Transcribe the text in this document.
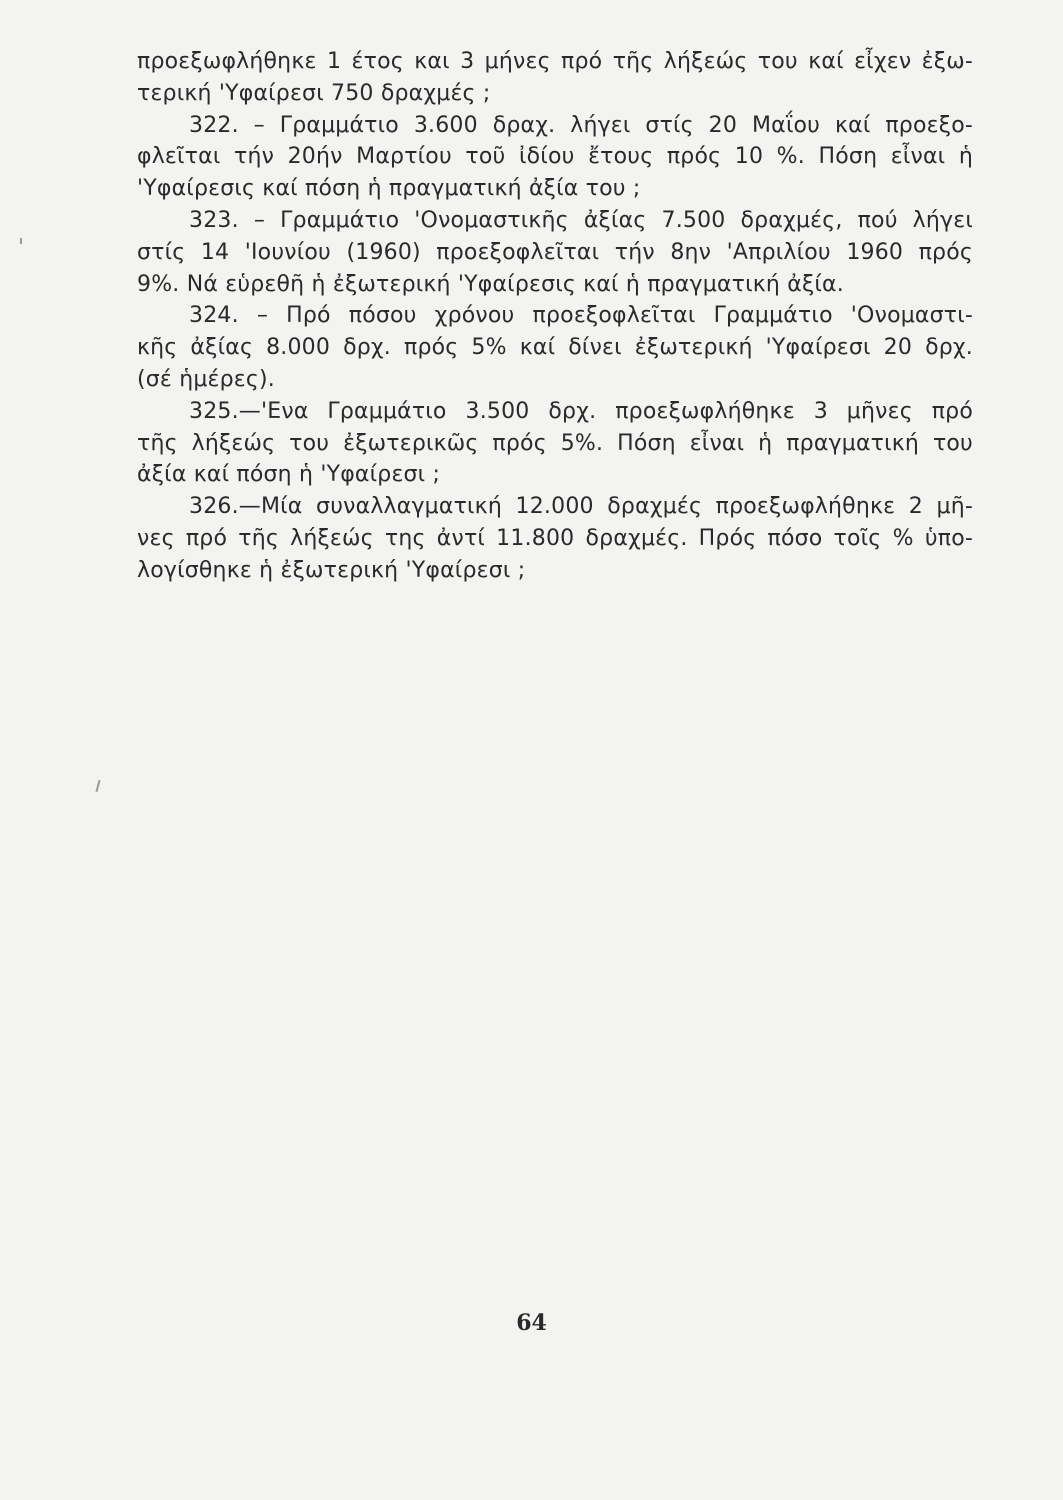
προεξωφλήθηκε 1 έτος και 3 μήνες πρό τῆς λήξεώς του καί εἶχεν ἐξω-
τερική 'Υφαίρεσι 750 δραχμές ;
322. – Γραμμάτιο 3.600 δραχ. λήγει στίς 20 Μαΐου καί προεξο-
φλεῖται τήν 20ήν Μαρτίου τοῦ ἰδίου ἔτους πρός 10 %. Πόση εἶναι ἡ
'Υφαίρεσις καί πόση ἡ πραγματική ἀξία του ;
323. – Γραμμάτιο 'Ονομαστικῆς ἀξίας 7.500 δραχμές, πού λήγει
στίς 14 'Ιουνίου (1960) προεξοφλεῖται τήν 8ην 'Απριλίου 1960 πρός
9%. Νά εὑρεθῆ ἡ ἐξωτερική 'Υφαίρεσις καί ἡ πραγματική ἀξία.
324. – Πρό πόσου χρόνου προεξοφλεῖται Γραμμάτιο 'Ονομαστι-
κῆς ἀξίας 8.000 δρχ. πρός 5% καί δίνει ἐξωτερική 'Υφαίρεσι 20 δρχ.
(σέ ἡμέρες).
325.—'Ενα Γραμμάτιο 3.500 δρχ. προεξωφλήθηκε 3 μῆνες πρό
τῆς λήξεώς του ἐξωτερικῶς πρός 5%. Πόση εἶναι ἡ πραγματική του
ἀξία καί πόση ἡ 'Υφαίρεσι ;
326.—Μία συναλλαγματική 12.000 δραχμές προεξωφλήθηκε 2 μῆ-
νες πρό τῆς λήξεώς της ἀντί 11.800 δραχμές. Πρός πόσο τοῖς % ὑπο-
λογίσθηκε ἡ ἐξωτερική 'Υφαίρεσι ;
64
